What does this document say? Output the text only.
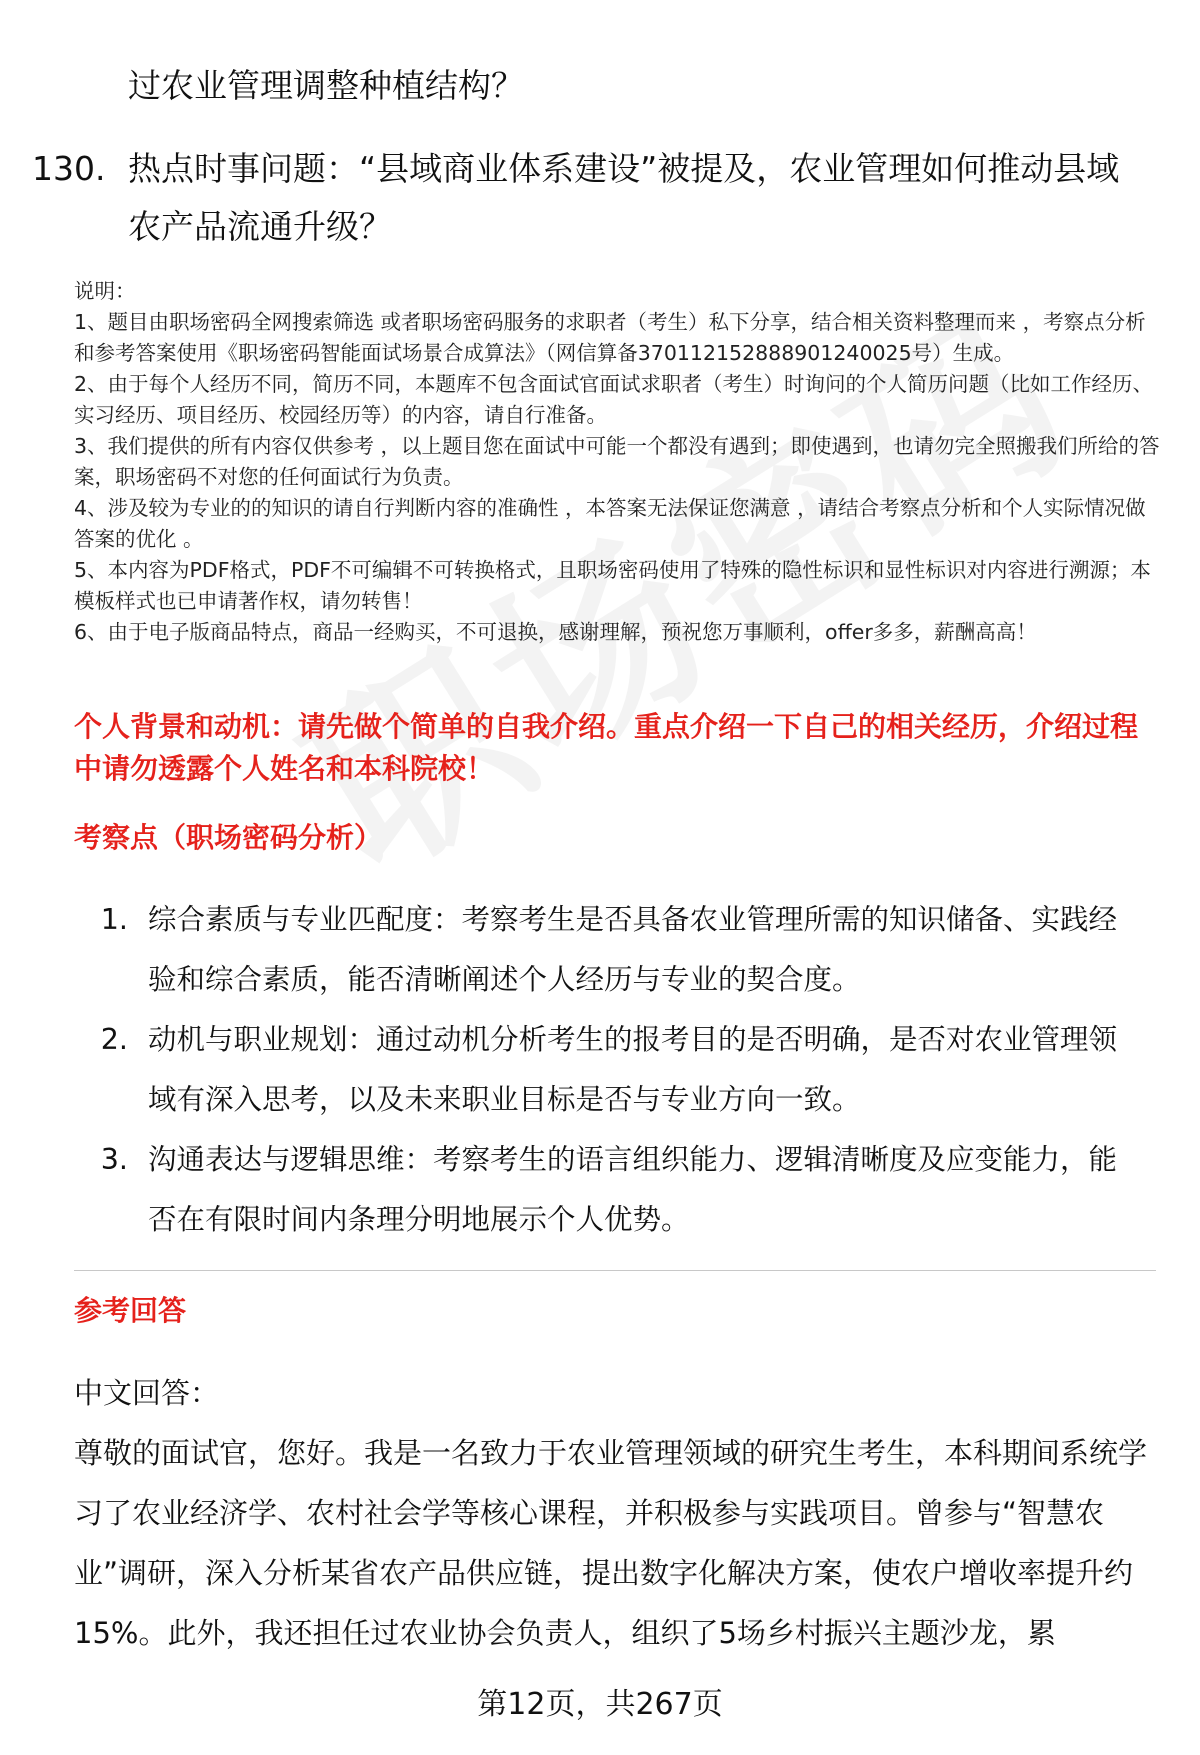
过农业管理调整种植结构？

130. 热点时事问题：“县域商业体系建设”被提及，农业管理如何推动县域农产品流通升级？

说明：

1、题目由职场密码全网搜索筛选 或者职场密码服务的求职者（考生）私下分享，结合相关资料整理而来 ，考察点分析和参考答案使用《职场密码智能面试场景合成算法》（网信算备370112152888901240025号）生成。

2、由于每个人经历不同，简历不同，本题库不包含面试官面试求职者（考生）时询问的个人简历问题（比如工作经历、实习经历、项目经历、校园经历等）的内容，请自行准备。

3、我们提供的所有内容仅供参考 ，以上题目您在面试中可能一个都没有遇到；即使遇到，也请勿完全照搬我们所给的答案，职场密码不对您的任何面试行为负责。

4、涉及较为专业的的知识的请自行判断内容的准确性 ，本答案无法保证您满意 ，请结合考察点分析和个人实际情况做答案的优化 。

5、本内容为PDF格式，PDF不可编辑不可转换格式，且职场密码使用了特殊的隐性标识和显性标识对内容进行溯源；本模板样式也已申请著作权，请勿转售！

6、由于电子版商品特点，商品一经购买，不可退换，感谢理解，预祝您万事顺利，offer多多，薪酬高高！

个人背景和动机：请先做个简单的自我介绍。重点介绍一下自己的相关经历，介绍过程中请勿透露个人姓名和本科院校！

考察点（职场密码分析）

1. 综合素质与专业匹配度：考察考生是否具备农业管理所需的知识储备、实践经验和综合素质，能否清晰阐述个人经历与专业的契合度。
2. 动机与职业规划：通过动机分析考生的报考目的是否明确，是否对农业管理领域有深入思考，以及未来职业目标是否与专业方向一致。
3. 沟通表达与逻辑思维：考察考生的语言组织能力、逻辑清晰度及应变能力，能否在有限时间内条理分明地展示个人优势。

参考回答

中文回答：

尊敬的面试官，您好。我是一名致力于农业管理领域的研究生考生，本科期间系统学习了农业经济学、农村社会学等核心课程，并积极参与实践项目。曾参与“智慧农业”调研，深入分析某省农产品供应链，提出数字化解决方案，使农户增收率提升约15%。此外，我还担任过农业协会负责人，组织了5场乡村振兴主题沙龙，累

第12页，共267页
